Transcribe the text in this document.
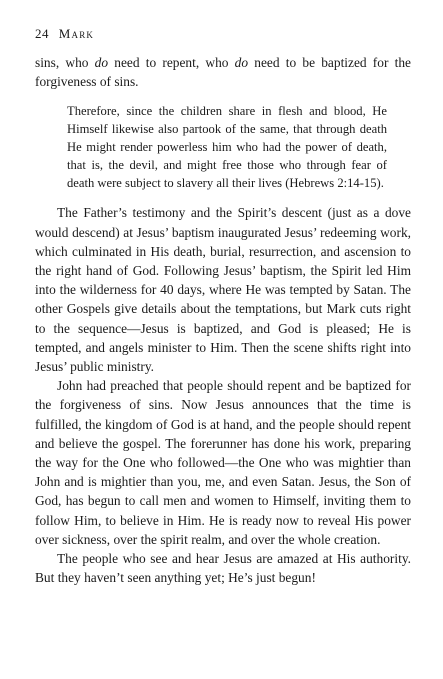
24 Mark

sins, who do need to repent, who do need to be baptized for the forgiveness of sins.

Therefore, since the children share in flesh and blood, He Himself likewise also partook of the same, that through death He might render powerless him who had the power of death, that is, the devil, and might free those who through fear of death were subject to slavery all their lives (Hebrews 2:14-15).

The Father’s testimony and the Spirit’s descent (just as a dove would descend) at Jesus’ baptism inaugurated Jesus’ redeeming work, which culminated in His death, burial, resurrection, and ascension to the right hand of God. Following Jesus’ baptism, the Spirit led Him into the wilderness for 40 days, where He was tempted by Satan. The other Gospels give details about the temptations, but Mark cuts right to the sequence—Jesus is baptized, and God is pleased; He is tempted, and angels minister to Him. Then the scene shifts right into Jesus’ public ministry.

John had preached that people should repent and be baptized for the forgiveness of sins. Now Jesus announces that the time is fulfilled, the kingdom of God is at hand, and the people should repent and believe the gospel. The forerunner has done his work, preparing the way for the One who followed—the One who was mightier than John and is mightier than you, me, and even Satan. Jesus, the Son of God, has begun to call men and women to Himself, inviting them to follow Him, to believe in Him. He is ready now to reveal His power over sickness, over the spirit realm, and over the whole creation.

The people who see and hear Jesus are amazed at His authority. But they haven’t seen anything yet; He’s just begun!
